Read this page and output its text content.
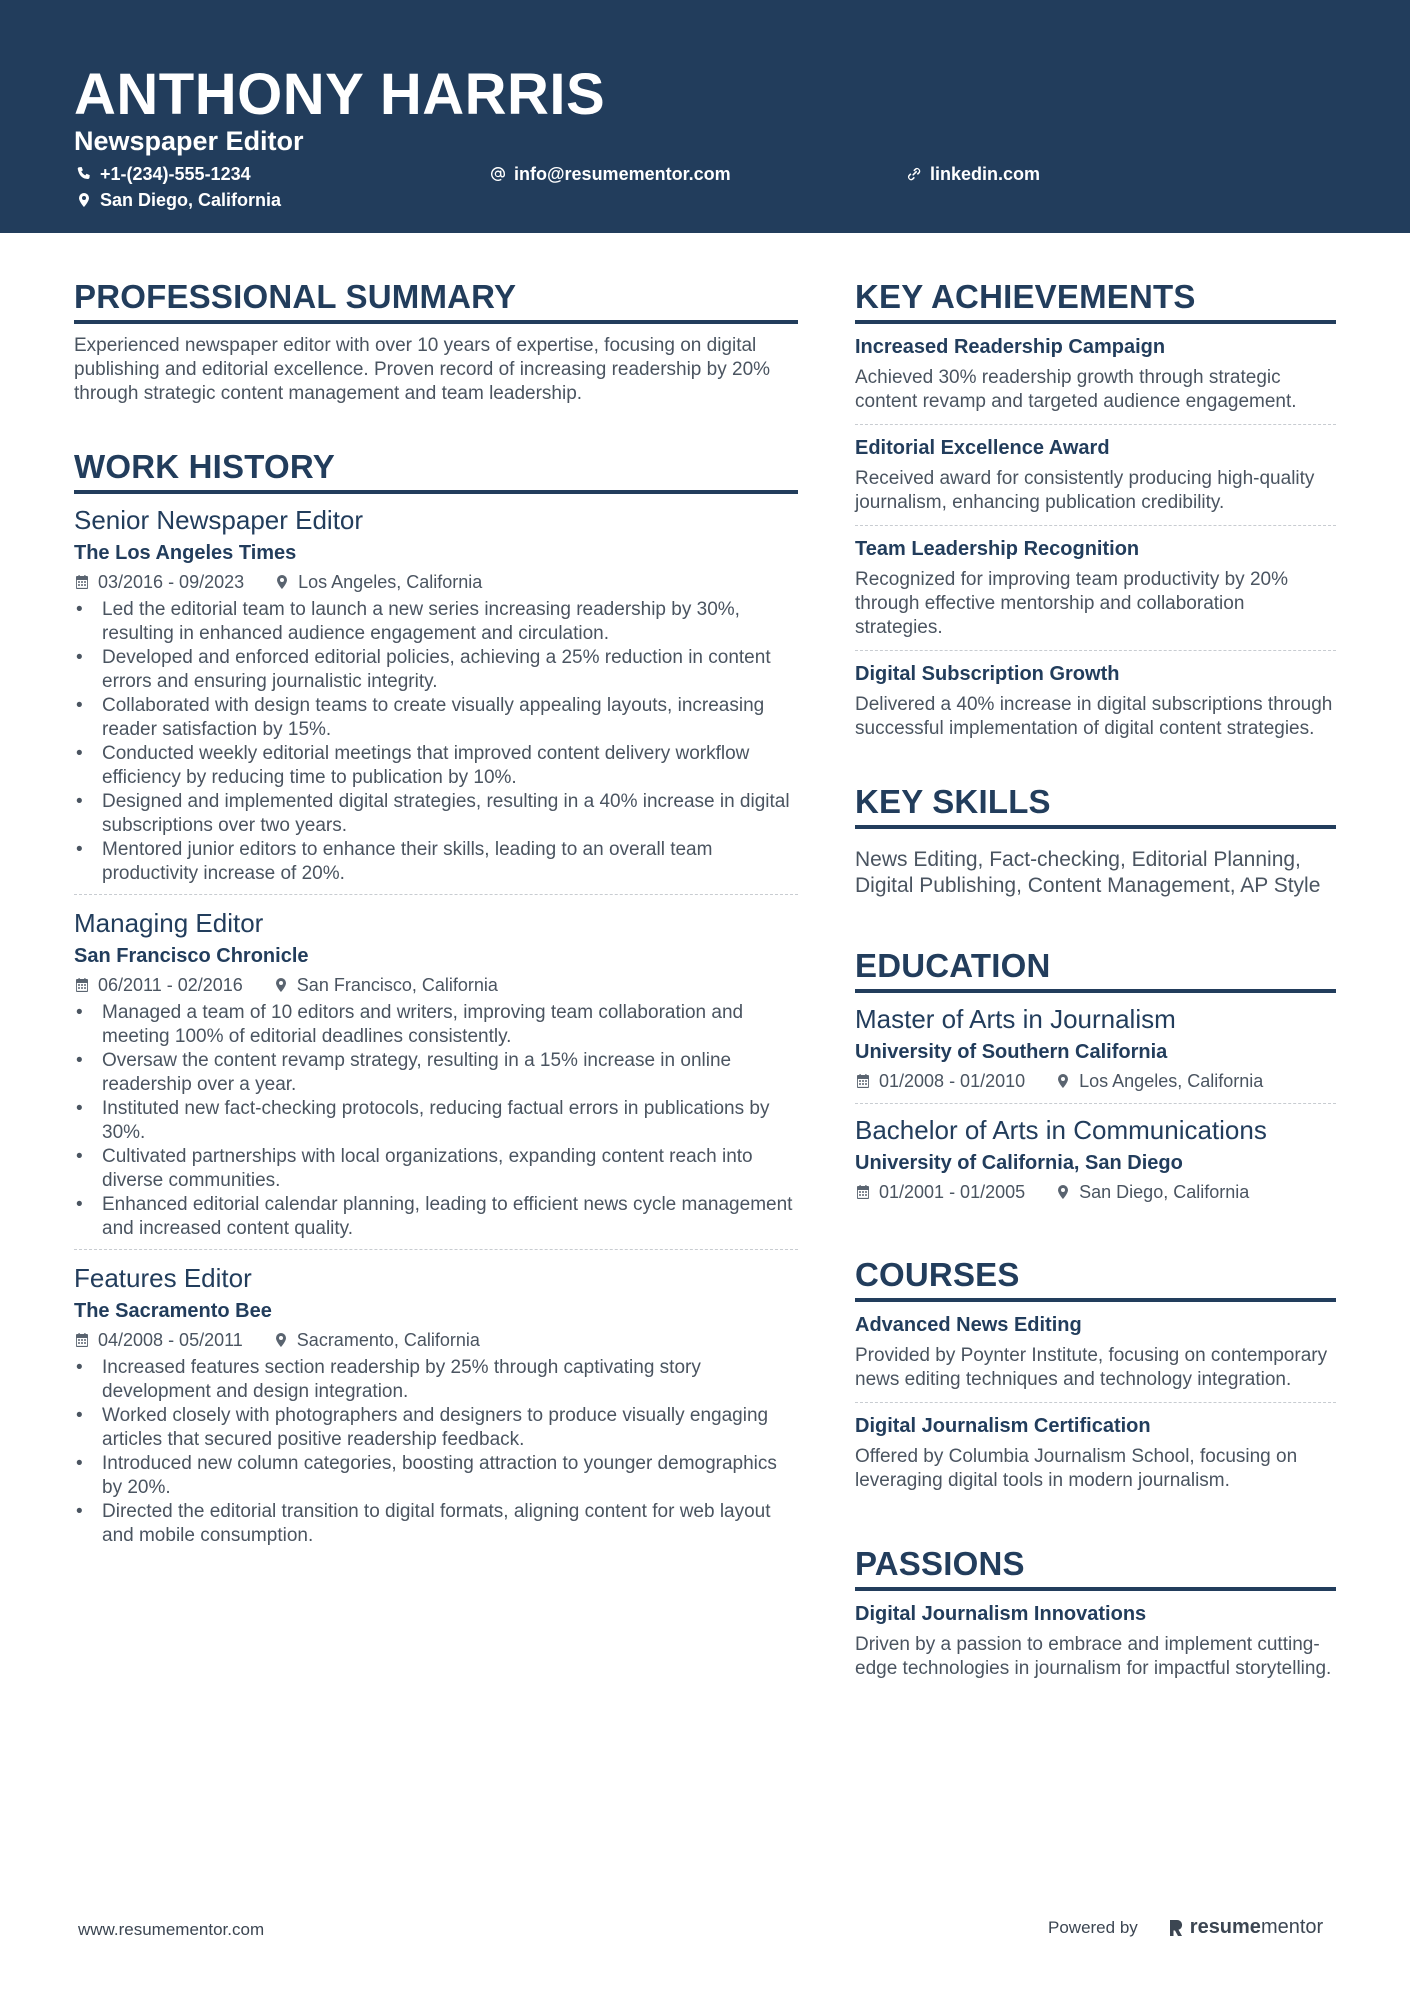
ANTHONY HARRIS
Newspaper Editor
+1-(234)-555-1234	info@resumementor.com	linkedin.com
San Diego, California
PROFESSIONAL SUMMARY
Experienced newspaper editor with over 10 years of expertise, focusing on digital publishing and editorial excellence. Proven record of increasing readership by 20% through strategic content management and team leadership.
WORK HISTORY
Senior Newspaper Editor
The Los Angeles Times
03/2016 - 09/2023	Los Angeles, California
• Led the editorial team to launch a new series increasing readership by 30%, resulting in enhanced audience engagement and circulation.
• Developed and enforced editorial policies, achieving a 25% reduction in content errors and ensuring journalistic integrity.
• Collaborated with design teams to create visually appealing layouts, increasing reader satisfaction by 15%.
• Conducted weekly editorial meetings that improved content delivery workflow efficiency by reducing time to publication by 10%.
• Designed and implemented digital strategies, resulting in a 40% increase in digital subscriptions over two years.
• Mentored junior editors to enhance their skills, leading to an overall team productivity increase of 20%.
Managing Editor
San Francisco Chronicle
06/2011 - 02/2016	San Francisco, California
• Managed a team of 10 editors and writers, improving team collaboration and meeting 100% of editorial deadlines consistently.
• Oversaw the content revamp strategy, resulting in a 15% increase in online readership over a year.
• Instituted new fact-checking protocols, reducing factual errors in publications by 30%.
• Cultivated partnerships with local organizations, expanding content reach into diverse communities.
• Enhanced editorial calendar planning, leading to efficient news cycle management and increased content quality.
Features Editor
The Sacramento Bee
04/2008 - 05/2011	Sacramento, California
• Increased features section readership by 25% through captivating story development and design integration.
• Worked closely with photographers and designers to produce visually engaging articles that secured positive readership feedback.
• Introduced new column categories, boosting attraction to younger demographics by 20%.
• Directed the editorial transition to digital formats, aligning content for web layout and mobile consumption.
KEY ACHIEVEMENTS
Increased Readership Campaign
Achieved 30% readership growth through strategic content revamp and targeted audience engagement.
Editorial Excellence Award
Received award for consistently producing high-quality journalism, enhancing publication credibility.
Team Leadership Recognition
Recognized for improving team productivity by 20% through effective mentorship and collaboration strategies.
Digital Subscription Growth
Delivered a 40% increase in digital subscriptions through successful implementation of digital content strategies.
KEY SKILLS
News Editing, Fact-checking, Editorial Planning, Digital Publishing, Content Management, AP Style
EDUCATION
Master of Arts in Journalism
University of Southern California
01/2008 - 01/2010	Los Angeles, California
Bachelor of Arts in Communications
University of California, San Diego
01/2001 - 01/2005	San Diego, California
COURSES
Advanced News Editing
Provided by Poynter Institute, focusing on contemporary news editing techniques and technology integration.
Digital Journalism Certification
Offered by Columbia Journalism School, focusing on leveraging digital tools in modern journalism.
PASSIONS
Digital Journalism Innovations
Driven by a passion to embrace and implement cutting-edge technologies in journalism for impactful storytelling.
www.resumementor.com	Powered by	resume mentor
